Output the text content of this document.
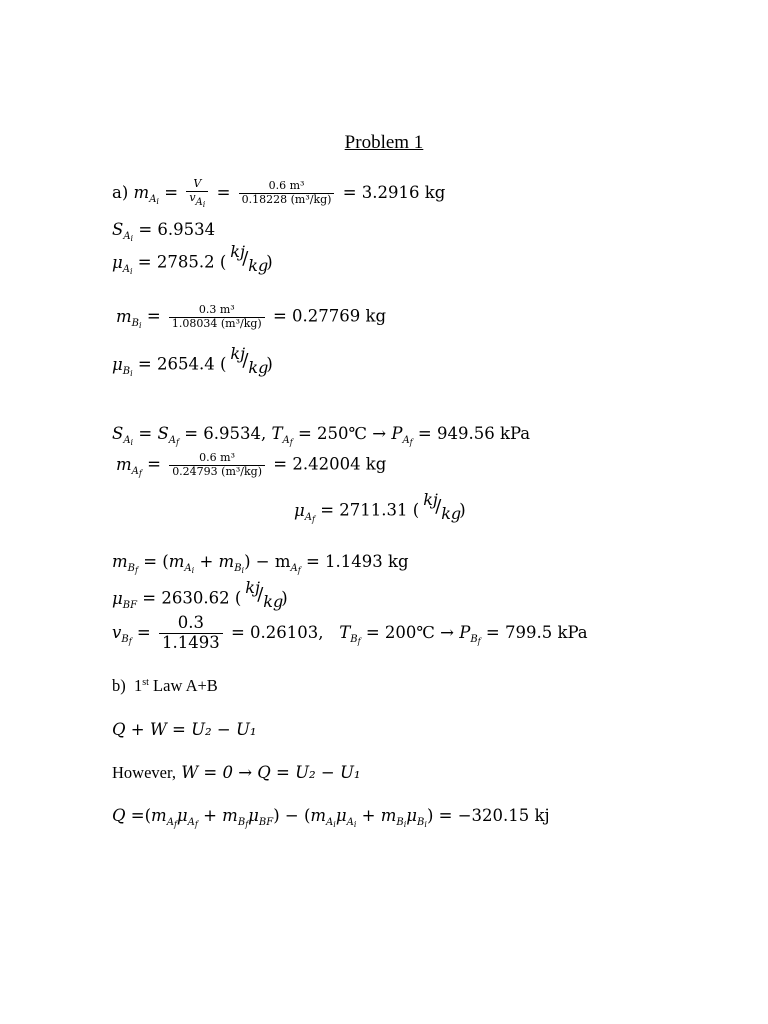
Problem 1
a) $m_{A_i} = \frac{V}{v_{A_i}} = \frac{\text{0.6 m³}}{\text{0.18228 (m³/kg)}} = 3.2916$ kg
$S_{A_i} = 6.9534$
$\mu_{A_i} = 2785.2$ (
kj
/ kg
)
$m_{B_i} = \frac{\text{0.3 m³}}{\text{1.08034 (m³/kg)}} = 0.27769$ kg
$\mu_{B_i} = 2654.4$ (
kj
/ kg
)
$S_{A_i} = S_{A_f} = 6.9534$, $T_{A_f}$ = 250℃ → $P_{A_f} = 949.56$ kPa
$m_{A_f} = \frac{\text{0.6 m³}}{\text{0.24793 (m³/kg)}} = 2.42004$ kg
$\mu_{A_f} = 2711.31$ (
kj
/ kg
)
$m_{B_f} = (m_{A_i} + m_{B_i}) - m_{A_f} = 1.1493$ kg
$\mu_{BF} = 2630.62$ (
kj
/ kg
)
$v_{B_f} = \frac{0.3}{1.1493} = 0.26103$, $T_{B_f}$ = 200℃ → $P_{B_f} = 799.5$ kPa
b) 1st Law A+B
Q + W = U₂ − U₁
However, W = 0 → Q = U₂ − U₁
$Q =(m_{A_f}\mu_{A_f} + m_{B_f}\mu_{BF}) - (m_{A_i}\mu_{A_i} + m_{B_i}\mu_{B_i}) = -320.15$ kj
